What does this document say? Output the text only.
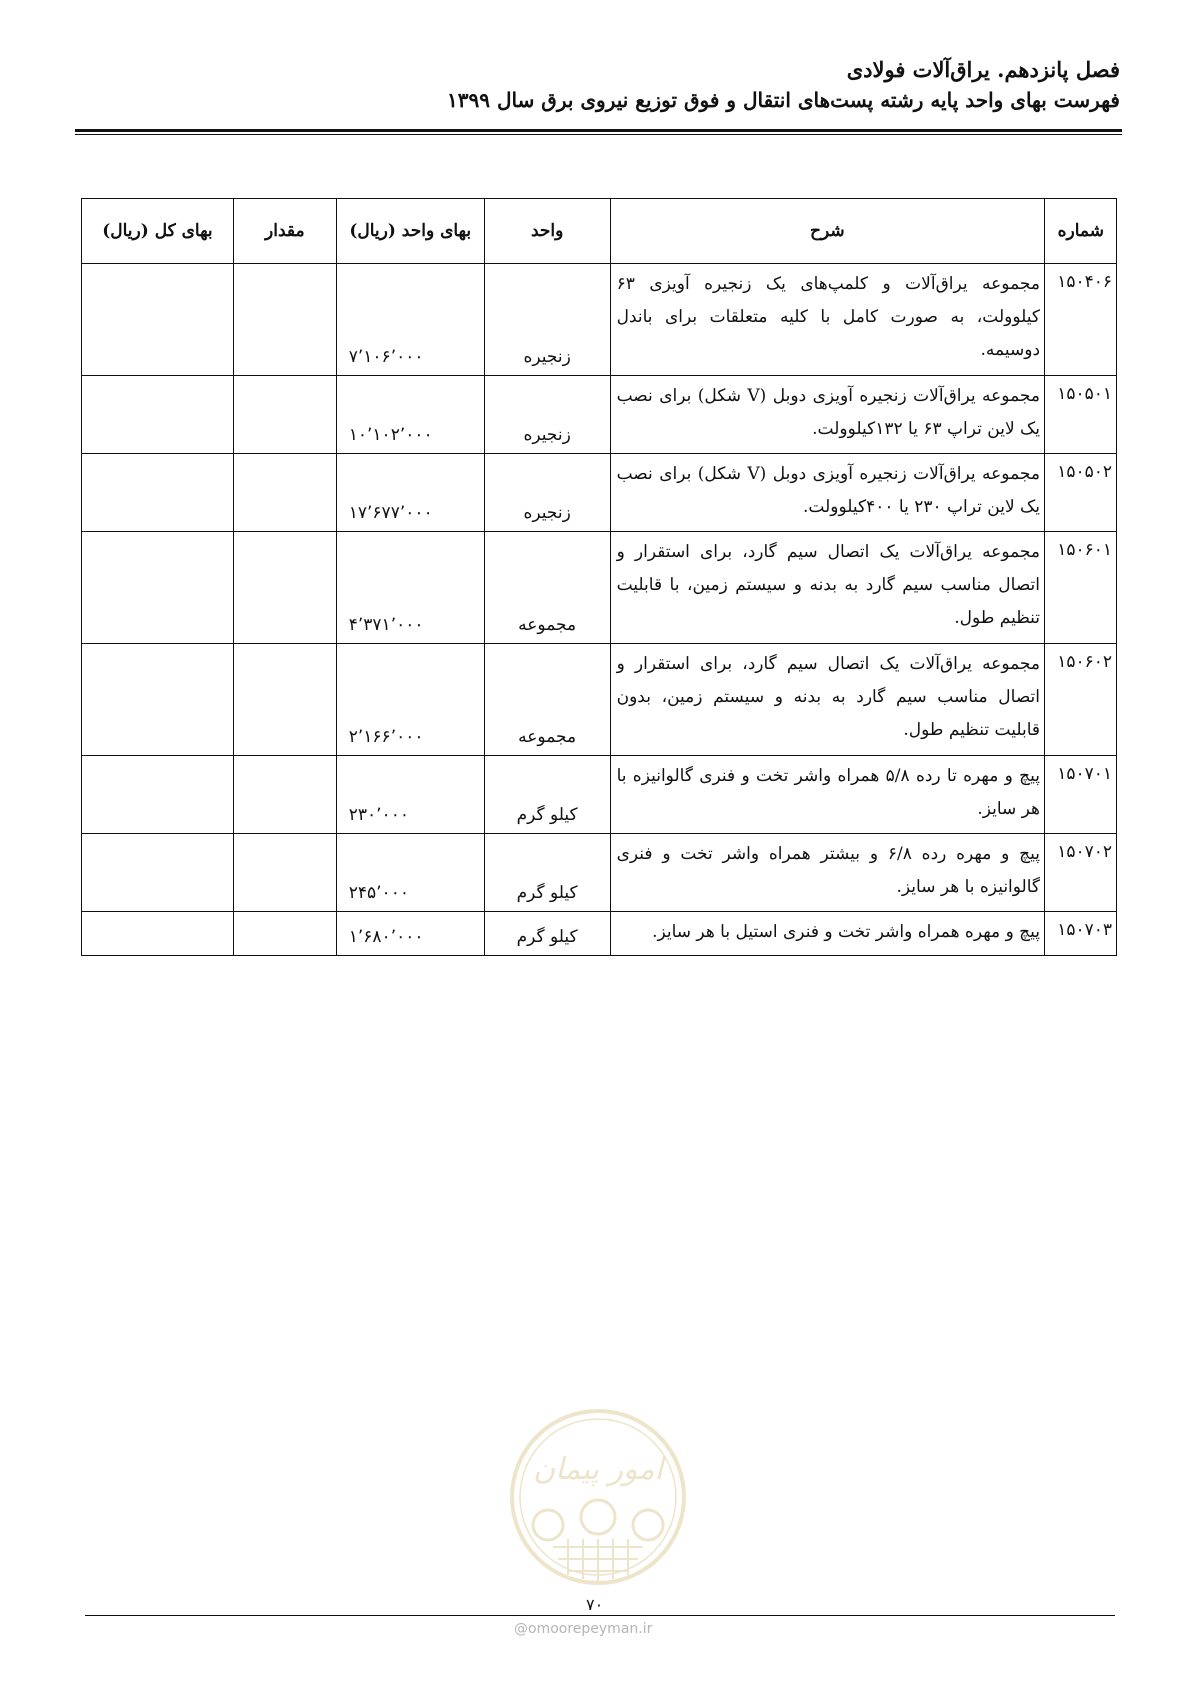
فصل پانزدهم. یراق‌آلات فولادی
فهرست بهای واحد پایه رشته پست‌های انتقال و فوق توزیع نیروی برق سال ۱۳۹۹
شماره	شرح	واحد	بهای واحد (ریال)	مقدار	بهای کل (ریال)
۱۵۰۴۰۶	مجموعه یراق‌آلات و کلمپ‌های یک زنجیره آویزی ۶۳ کیلوولت، به صورت کامل با کلیه متعلقات برای باندل دوسیمه.	زنجیره	۷٬۱۰۶٬۰۰۰		
۱۵۰۵۰۱	مجموعه یراق‌آلات زنجیره آویزی دوبل (V شکل) برای نصب یک لاین تراپ ۶۳ یا ۱۳۲کیلوولت.	زنجیره	۱۰٬۱۰۲٬۰۰۰		
۱۵۰۵۰۲	مجموعه یراق‌آلات زنجیره آویزی دوبل (V شکل) برای نصب یک لاین تراپ ۲۳۰ یا ۴۰۰کیلوولت.	زنجیره	۱۷٬۶۷۷٬۰۰۰		
۱۵۰۶۰۱	مجموعه یراق‌آلات یک اتصال سیم گارد، برای استقرار و اتصال مناسب سیم گارد به بدنه و سیستم زمین، با قابلیت تنظیم طول.	مجموعه	۴٬۳۷۱٬۰۰۰		
۱۵۰۶۰۲	مجموعه یراق‌آلات یک اتصال سیم گارد، برای استقرار و اتصال مناسب سیم گارد به بدنه و سیستم زمین، بدون قابلیت تنظیم طول.	مجموعه	۲٬۱۶۶٬۰۰۰		
۱۵۰۷۰۱	پیچ و مهره تا رده ۵/۸ همراه واشر تخت و فنری گالوانیزه با هر سایز.	کیلو گرم	۲۳۰٬۰۰۰		
۱۵۰۷۰۲	پیچ و مهره رده ۶/۸ و بیشتر همراه واشر تخت و فنری گالوانیزه با هر سایز.	کیلو گرم	۲۴۵٬۰۰۰		
۱۵۰۷۰۳	پیچ و مهره همراه واشر تخت و فنری استیل با هر سایز.	کیلو گرم	۱٬۶۸۰٬۰۰۰		
امور پیمان
۷۰
@omoorepeyman.ir
